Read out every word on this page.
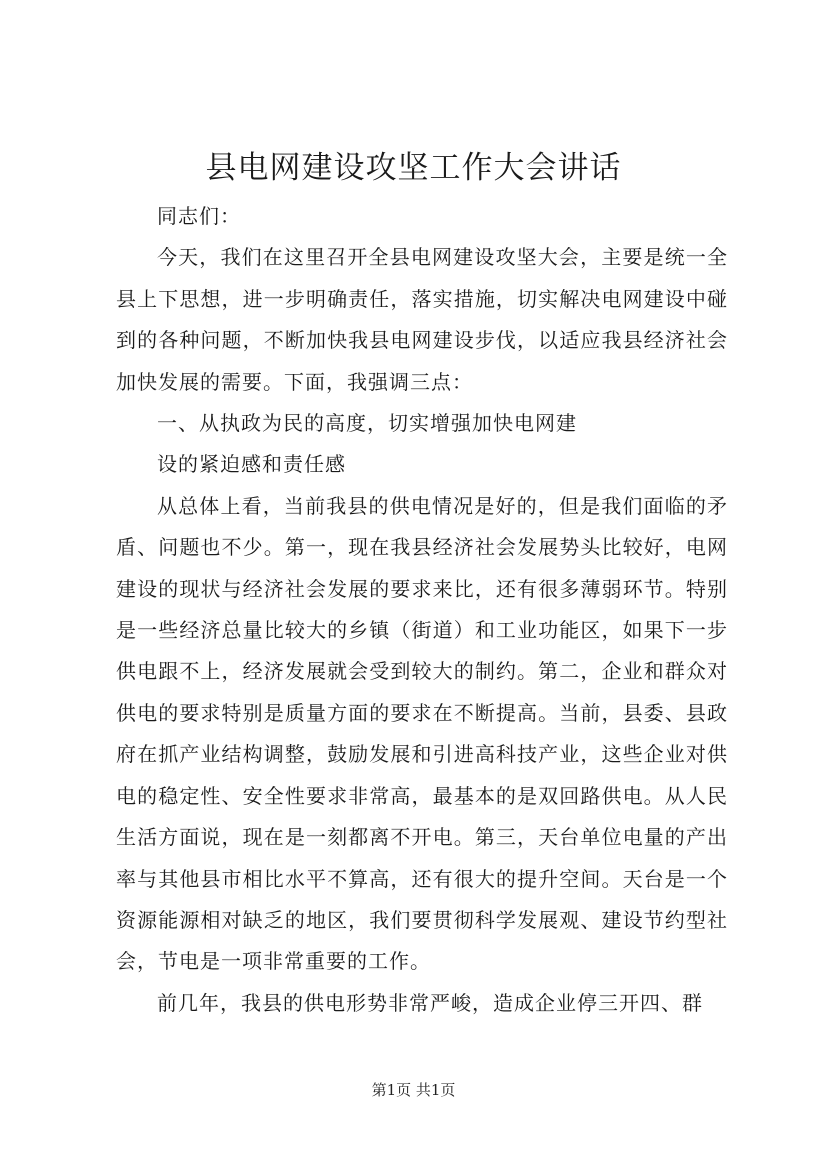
县电网建设攻坚工作大会讲话

同志们：

今天，我们在这里召开全县电网建设攻坚大会，主要是统一全县上下思想，进一步明确责任，落实措施，切实解决电网建设中碰到的各种问题，不断加快我县电网建设步伐，以适应我县经济社会加快发展的需要。下面，我强调三点：

一、从执政为民的高度，切实增强加快电网建

设的紧迫感和责任感

从总体上看，当前我县的供电情况是好的，但是我们面临的矛盾、问题也不少。第一，现在我县经济社会发展势头比较好，电网建设的现状与经济社会发展的要求来比，还有很多薄弱环节。特别是一些经济总量比较大的乡镇（街道）和工业功能区，如果下一步供电跟不上，经济发展就会受到较大的制约。第二，企业和群众对供电的要求特别是质量方面的要求在不断提高。当前，县委、县政府在抓产业结构调整，鼓励发展和引进高科技产业，这些企业对供电的稳定性、安全性要求非常高，最基本的是双回路供电。从人民生活方面说，现在是一刻都离不开电。第三，天台单位电量的产出率与其他县市相比水平不算高，还有很大的提升空间。天台是一个资源能源相对缺乏的地区，我们要贯彻科学发展观、建设节约型社会，节电是一项非常重要的工作。

前几年，我县的供电形势非常严峻，造成企业停三开四、群

第1页 共1页
